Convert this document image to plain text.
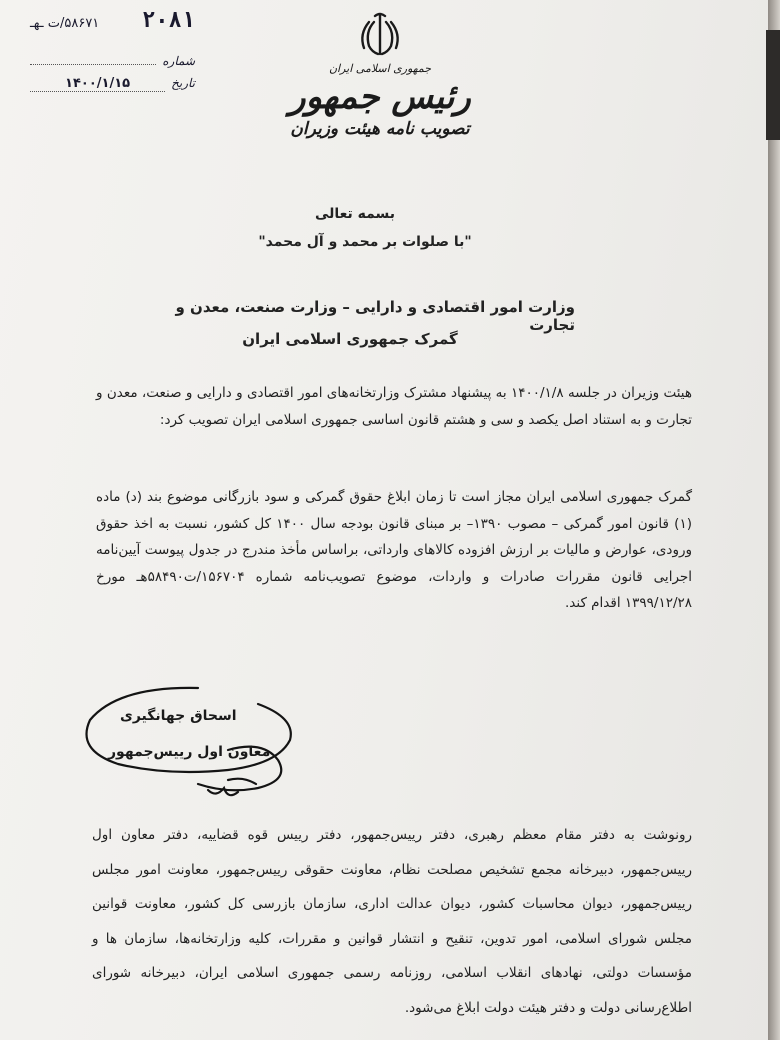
۵۸۶۷۱/ت ـهـ	۲۰۸۱
شماره
تاریخ
۱۴۰۰/۱/۱۵
جمهوری اسلامی ایران
رئیس جمهور
تصویب نامه هیئت وزیران
بسمه تعالی
"با صلوات بر محمد و آل محمد"
وزارت امور اقتصادی و دارایی – وزارت صنعت، معدن و تجارت
گمرک جمهوری اسلامی ایران
هیئت وزیران در جلسه ۱۴۰۰/۱/۸ به پیشنهاد مشترک وزارتخانه‌های امور اقتصادی و دارایی و صنعت، معدن و تجارت و به استناد اصل یکصد و سی و هشتم قانون اساسی جمهوری اسلامی ایران تصویب کرد:
گمرک جمهوری اسلامی ایران مجاز است تا زمان ابلاغ حقوق گمرکی و سود بازرگانی موضوع بند (د) ماده (۱) قانون امور گمرکی – مصوب ۱۳۹۰– بر مبنای قانون بودجه سال ۱۴۰۰ کل کشور، نسبت به اخذ حقوق ورودی، عوارض و مالیات بر ارزش افزوده کالاهای وارداتی، براساس مأخذ مندرج در جدول پیوست آیین‌نامه اجرایی قانون مقررات صادرات و واردات، موضوع تصویب‌نامه شماره ۱۵۶۷۰۴/ت۵۸۴۹۰هـ مورخ ۱۳۹۹/۱۲/۲۸ اقدام کند.
اسحاق جهانگیری
معاون اول رییس‌جمهور
رونوشت به دفتر مقام معظم رهبری، دفتر رییس‌جمهور، دفتر رییس قوه قضاییه، دفتر معاون اول رییس‌جمهور، دبیرخانه مجمع تشخیص مصلحت نظام، معاونت حقوقی رییس‌جمهور، معاونت امور مجلس رییس‌جمهور، دیوان محاسبات کشور، دیوان عدالت اداری، سازمان بازرسی کل کشور، معاونت قوانین مجلس شورای اسلامی، امور تدوین، تنقیح و انتشار قوانین و مقررات، کلیه وزارتخانه‌ها، سازمان ها و مؤسسات دولتی، نهادهای انقلاب اسلامی، روزنامه رسمی جمهوری اسلامی ایران، دبیرخانه شورای اطلاع‌رسانی دولت و دفتر هیئت دولت ابلاغ می‌شود.
